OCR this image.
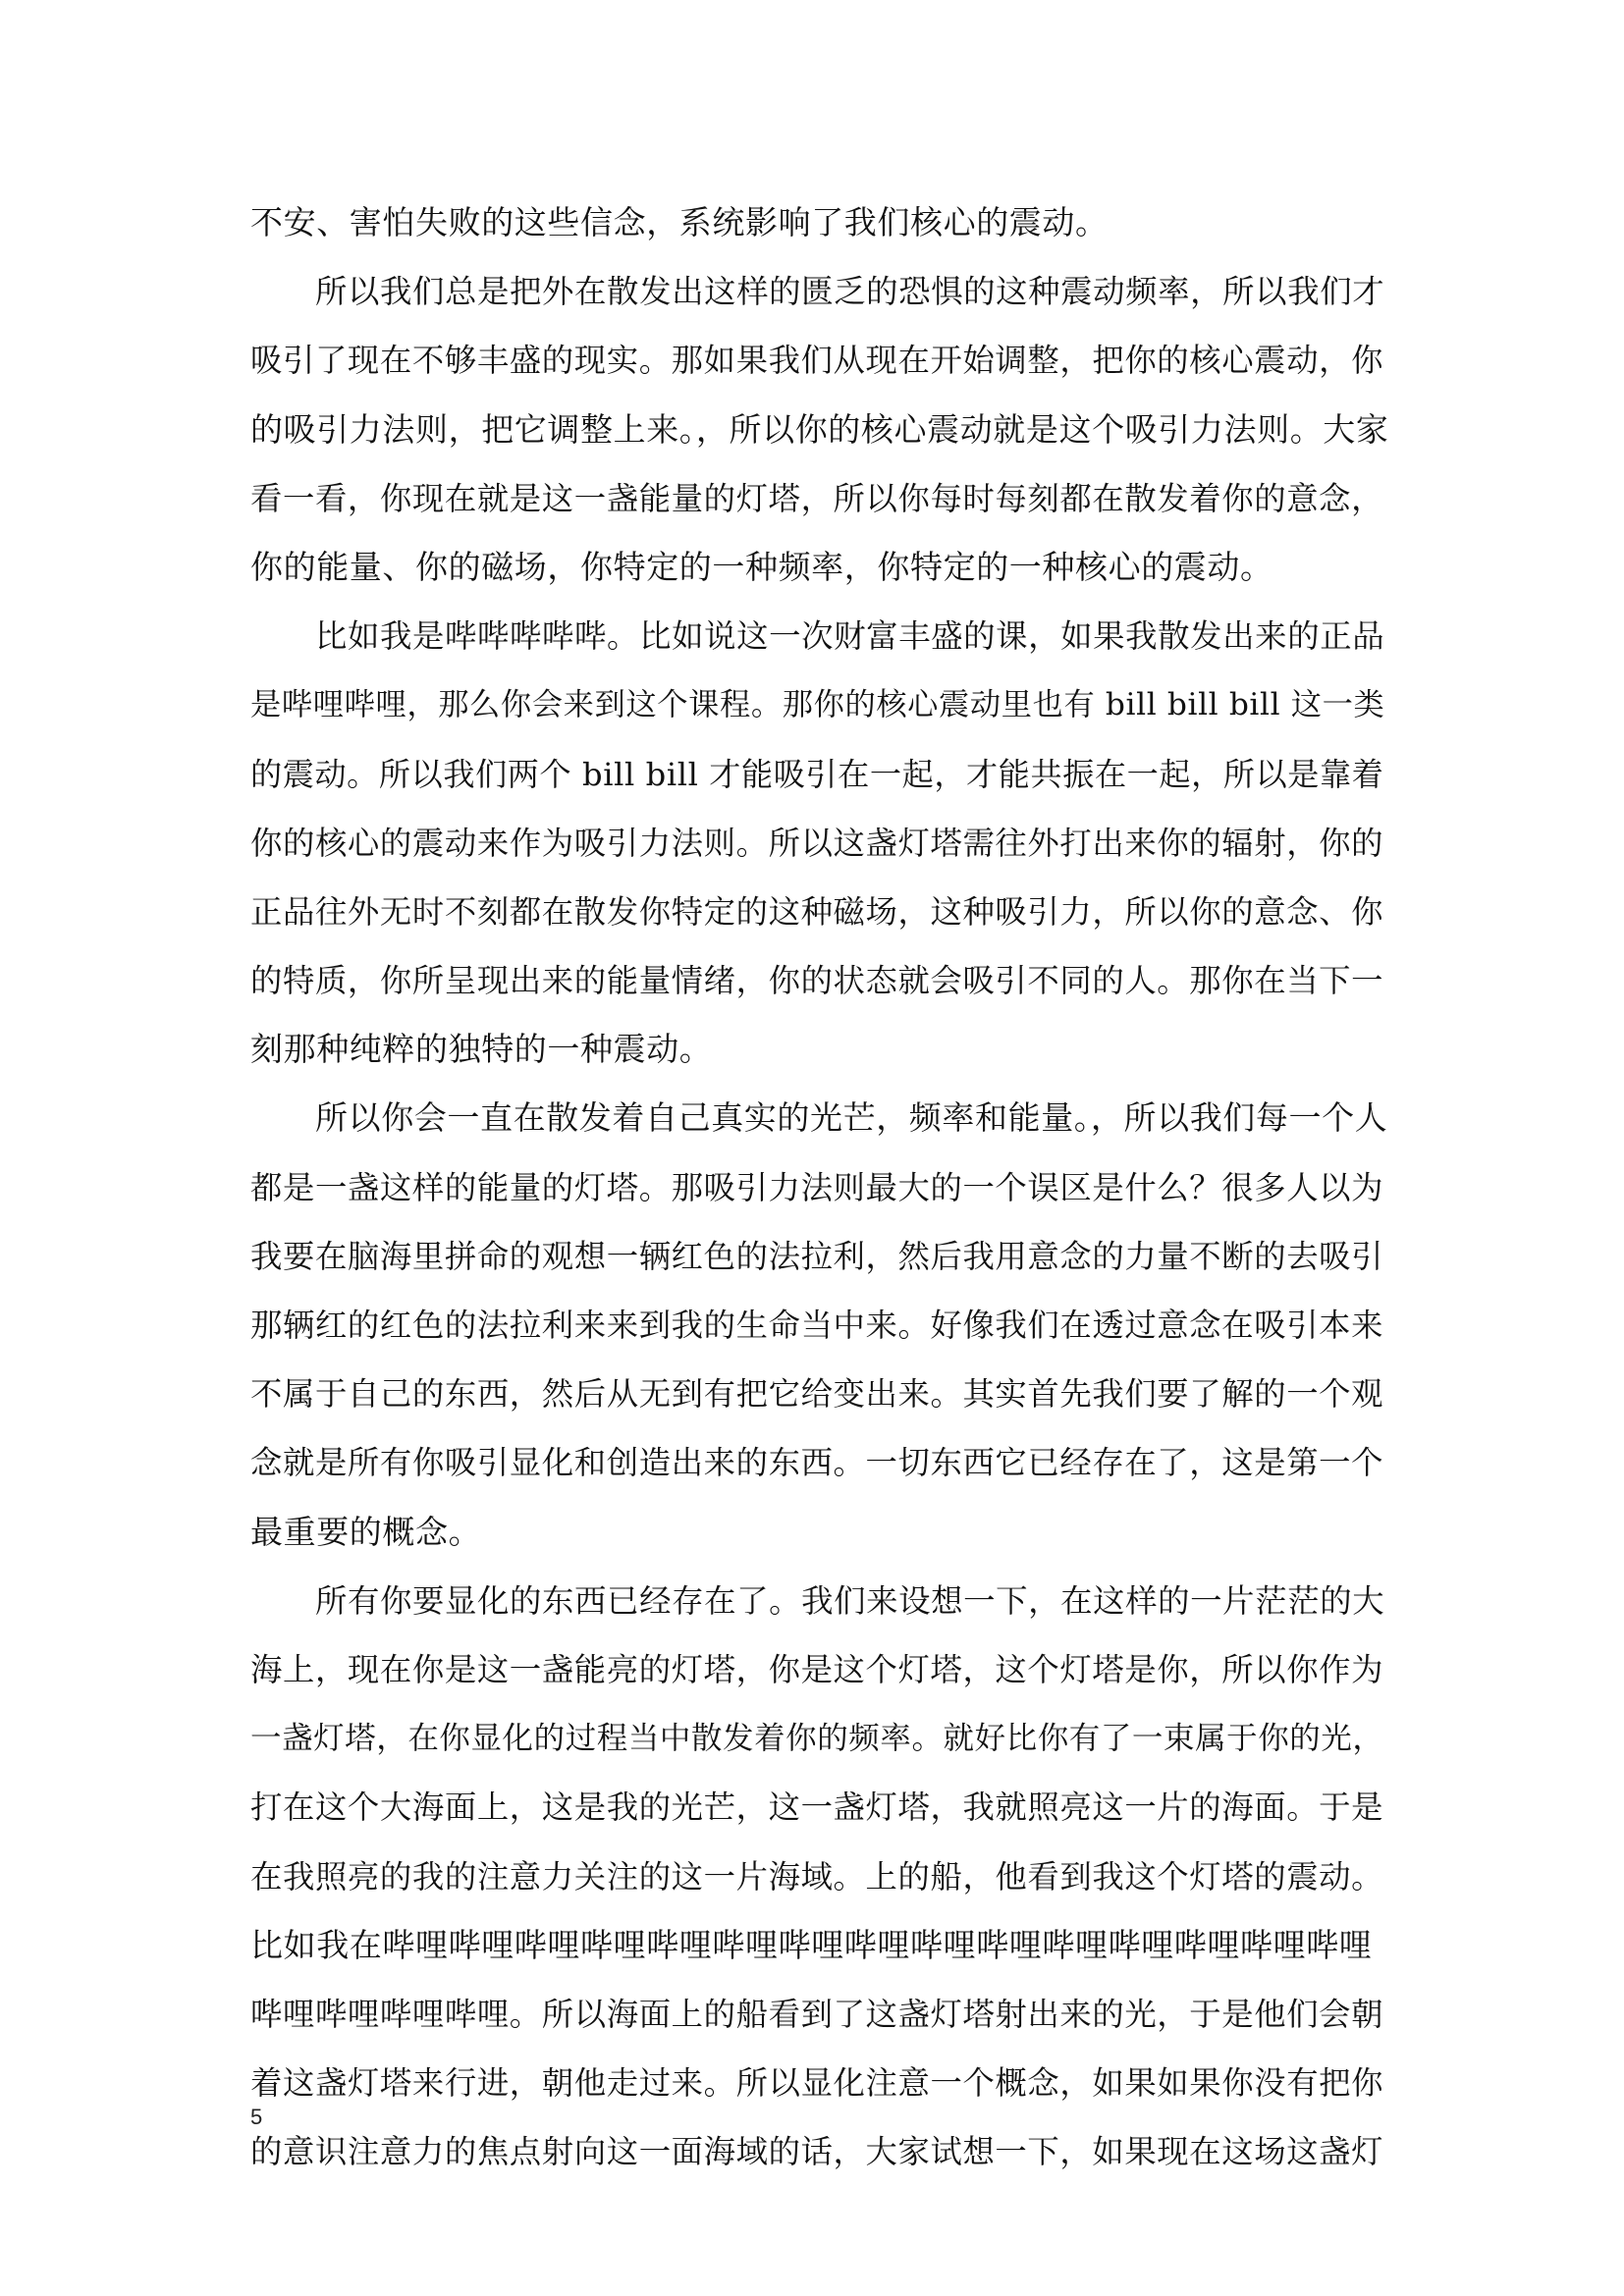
不安、害怕失败的这些信念，系统影响了我们核心的震动。
所以我们总是把外在散发出这样的匮乏的恐惧的这种震动频率，所以我们才
吸引了现在不够丰盛的现实。那如果我们从现在开始调整，把你的核心震动，你
的吸引力法则，把它调整上来。，所以你的核心震动就是这个吸引力法则。大家
看一看，你现在就是这一盏能量的灯塔，所以你每时每刻都在散发着你的意念，
你的能量、你的磁场，你特定的一种频率，你特定的一种核心的震动。
比如我是哔哔哔哔哔。比如说这一次财富丰盛的课，如果我散发出来的正品
是哔哩哔哩，那么你会来到这个课程。那你的核心震动里也有 bill bill bill 这一类
的震动。所以我们两个 bill bill 才能吸引在一起，才能共振在一起，所以是靠着
你的核心的震动来作为吸引力法则。所以这盏灯塔需往外打出来你的辐射，你的
正品往外无时不刻都在散发你特定的这种磁场，这种吸引力，所以你的意念、你
的特质，你所呈现出来的能量情绪，你的状态就会吸引不同的人。那你在当下一
刻那种纯粹的独特的一种震动。
所以你会一直在散发着自己真实的光芒，频率和能量。，所以我们每一个人
都是一盏这样的能量的灯塔。那吸引力法则最大的一个误区是什么？很多人以为
我要在脑海里拼命的观想一辆红色的法拉利，然后我用意念的力量不断的去吸引
那辆红的红色的法拉利来来到我的生命当中来。好像我们在透过意念在吸引本来
不属于自己的东西，然后从无到有把它给变出来。其实首先我们要了解的一个观
念就是所有你吸引显化和创造出来的东西。一切东西它已经存在了，这是第一个
最重要的概念。
所有你要显化的东西已经存在了。我们来设想一下，在这样的一片茫茫的大
海上，现在你是这一盏能亮的灯塔，你是这个灯塔，这个灯塔是你，所以你作为
一盏灯塔，在你显化的过程当中散发着你的频率。就好比你有了一束属于你的光，
打在这个大海面上，这是我的光芒，这一盏灯塔，我就照亮这一片的海面。于是
在我照亮的我的注意力关注的这一片海域。上的船，他看到我这个灯塔的震动。
比如我在哔哩哔哩哔哩哔哩哔哩哔哩哔哩哔哩哔哩哔哩哔哩哔哩哔哩哔哩哔哩
哔哩哔哩哔哩哔哩。所以海面上的船看到了这盏灯塔射出来的光，于是他们会朝
着这盏灯塔来行进，朝他走过来。所以显化注意一个概念，如果如果你没有把你
的意识注意力的焦点射向这一面海域的话，大家试想一下，如果现在这场这盏灯
5
